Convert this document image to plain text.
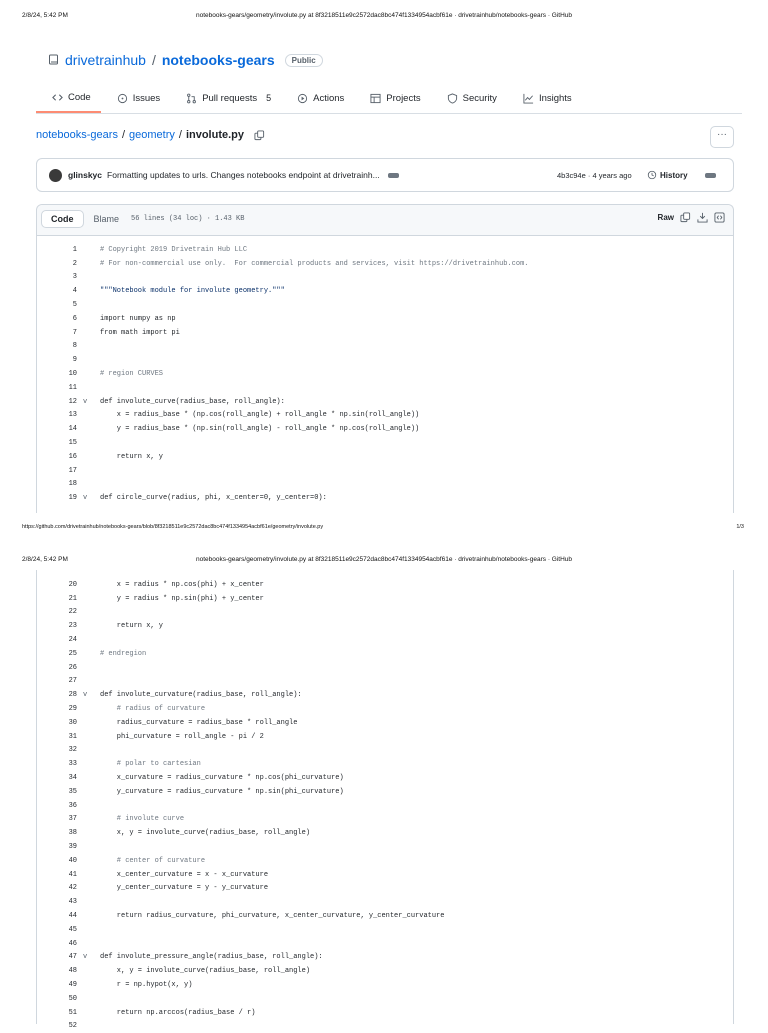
2/8/24, 5:42 PM	notebooks-gears/geometry/involute.py at 8f3218511e9c2572dac8bc474f1334954acbf61e · drivetrainhub/notebooks-gears · GitHub
drivetrainhub / notebooks-gears	Public
Code	Issues	Pull requests 5	Actions	Projects	Security	Insights
notebooks-gears / geometry / involute.py	···
glinskyc Formatting updates to urls. Changes notebooks endpoint at drivetrainh...	4b3c94e · 4 years ago	History
Code	Blame	56 lines (34 loc) · 1.43 KB	Raw
1	# Copyright 2019 Drivetrain Hub LLC
2	# For non-commercial use only.  For commercial products and services, visit https://drivetrainhub.com.
3
4	"""Notebook module for involute geometry."""
5
6	import numpy as np
7	from math import pi
8
9
10	# region CURVES
11
12 v	def involute_curve(radius_base, roll_angle):
13	x = radius_base * (np.cos(roll_angle) + roll_angle * np.sin(roll_angle))
14	y = radius_base * (np.sin(roll_angle) - roll_angle * np.cos(roll_angle))
15
16	return x, y
17
18
19 v	def circle_curve(radius, phi, x_center=0, y_center=0):
https://github.com/drivetrainhub/notebooks-gears/blob/8f3218511e9c2572dac8bc474f1334954acbf61e/geometry/involute.py	1/3
2/8/24, 5:42 PM	notebooks-gears/geometry/involute.py at 8f3218511e9c2572dac8bc474f1334954acbf61e · drivetrainhub/notebooks-gears · GitHub
20	x = radius * np.cos(phi) + x_center
21	y = radius * np.sin(phi) + y_center
22
23	return x, y
24
25	# endregion
26
27
28 v	def involute_curvature(radius_base, roll_angle):
29	# radius of curvature
30	radius_curvature = radius_base * roll_angle
31	phi_curvature = roll_angle - pi / 2
32
33	# polar to cartesian
34	x_curvature = radius_curvature * np.cos(phi_curvature)
35	y_curvature = radius_curvature * np.sin(phi_curvature)
36
37	# involute curve
38	x, y = involute_curve(radius_base, roll_angle)
39
40	# center of curvature
41	x_center_curvature = x - x_curvature
42	y_center_curvature = y - y_curvature
43
44	return radius_curvature, phi_curvature, x_center_curvature, y_center_curvature
45
46
47 v	def involute_pressure_angle(radius_base, roll_angle):
48	x, y = involute_curve(radius_base, roll_angle)
49	r = np.hypot(x, y)
50
51	return np.arccos(radius_base / r)
52
